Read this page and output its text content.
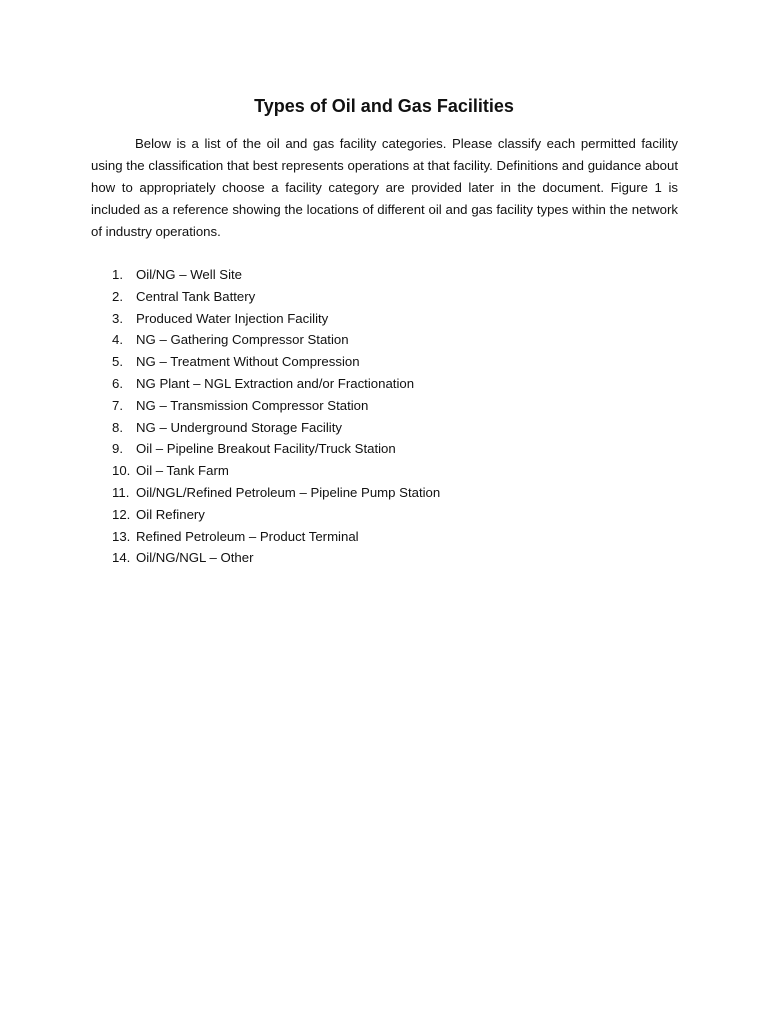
Types of Oil and Gas Facilities

Below is a list of the oil and gas facility categories. Please classify each permitted facility using the classification that best represents operations at that facility. Definitions and guidance about how to appropriately choose a facility category are provided later in the document. Figure 1 is included as a reference showing the locations of different oil and gas facility types within the network of industry operations.

1. Oil/NG – Well Site
2. Central Tank Battery
3. Produced Water Injection Facility
4. NG – Gathering Compressor Station
5. NG – Treatment Without Compression
6. NG Plant – NGL Extraction and/or Fractionation
7. NG – Transmission Compressor Station
8. NG – Underground Storage Facility
9. Oil – Pipeline Breakout Facility/Truck Station
10. Oil – Tank Farm
11. Oil/NGL/Refined Petroleum – Pipeline Pump Station
12. Oil Refinery
13. Refined Petroleum – Product Terminal
14. Oil/NG/NGL – Other
